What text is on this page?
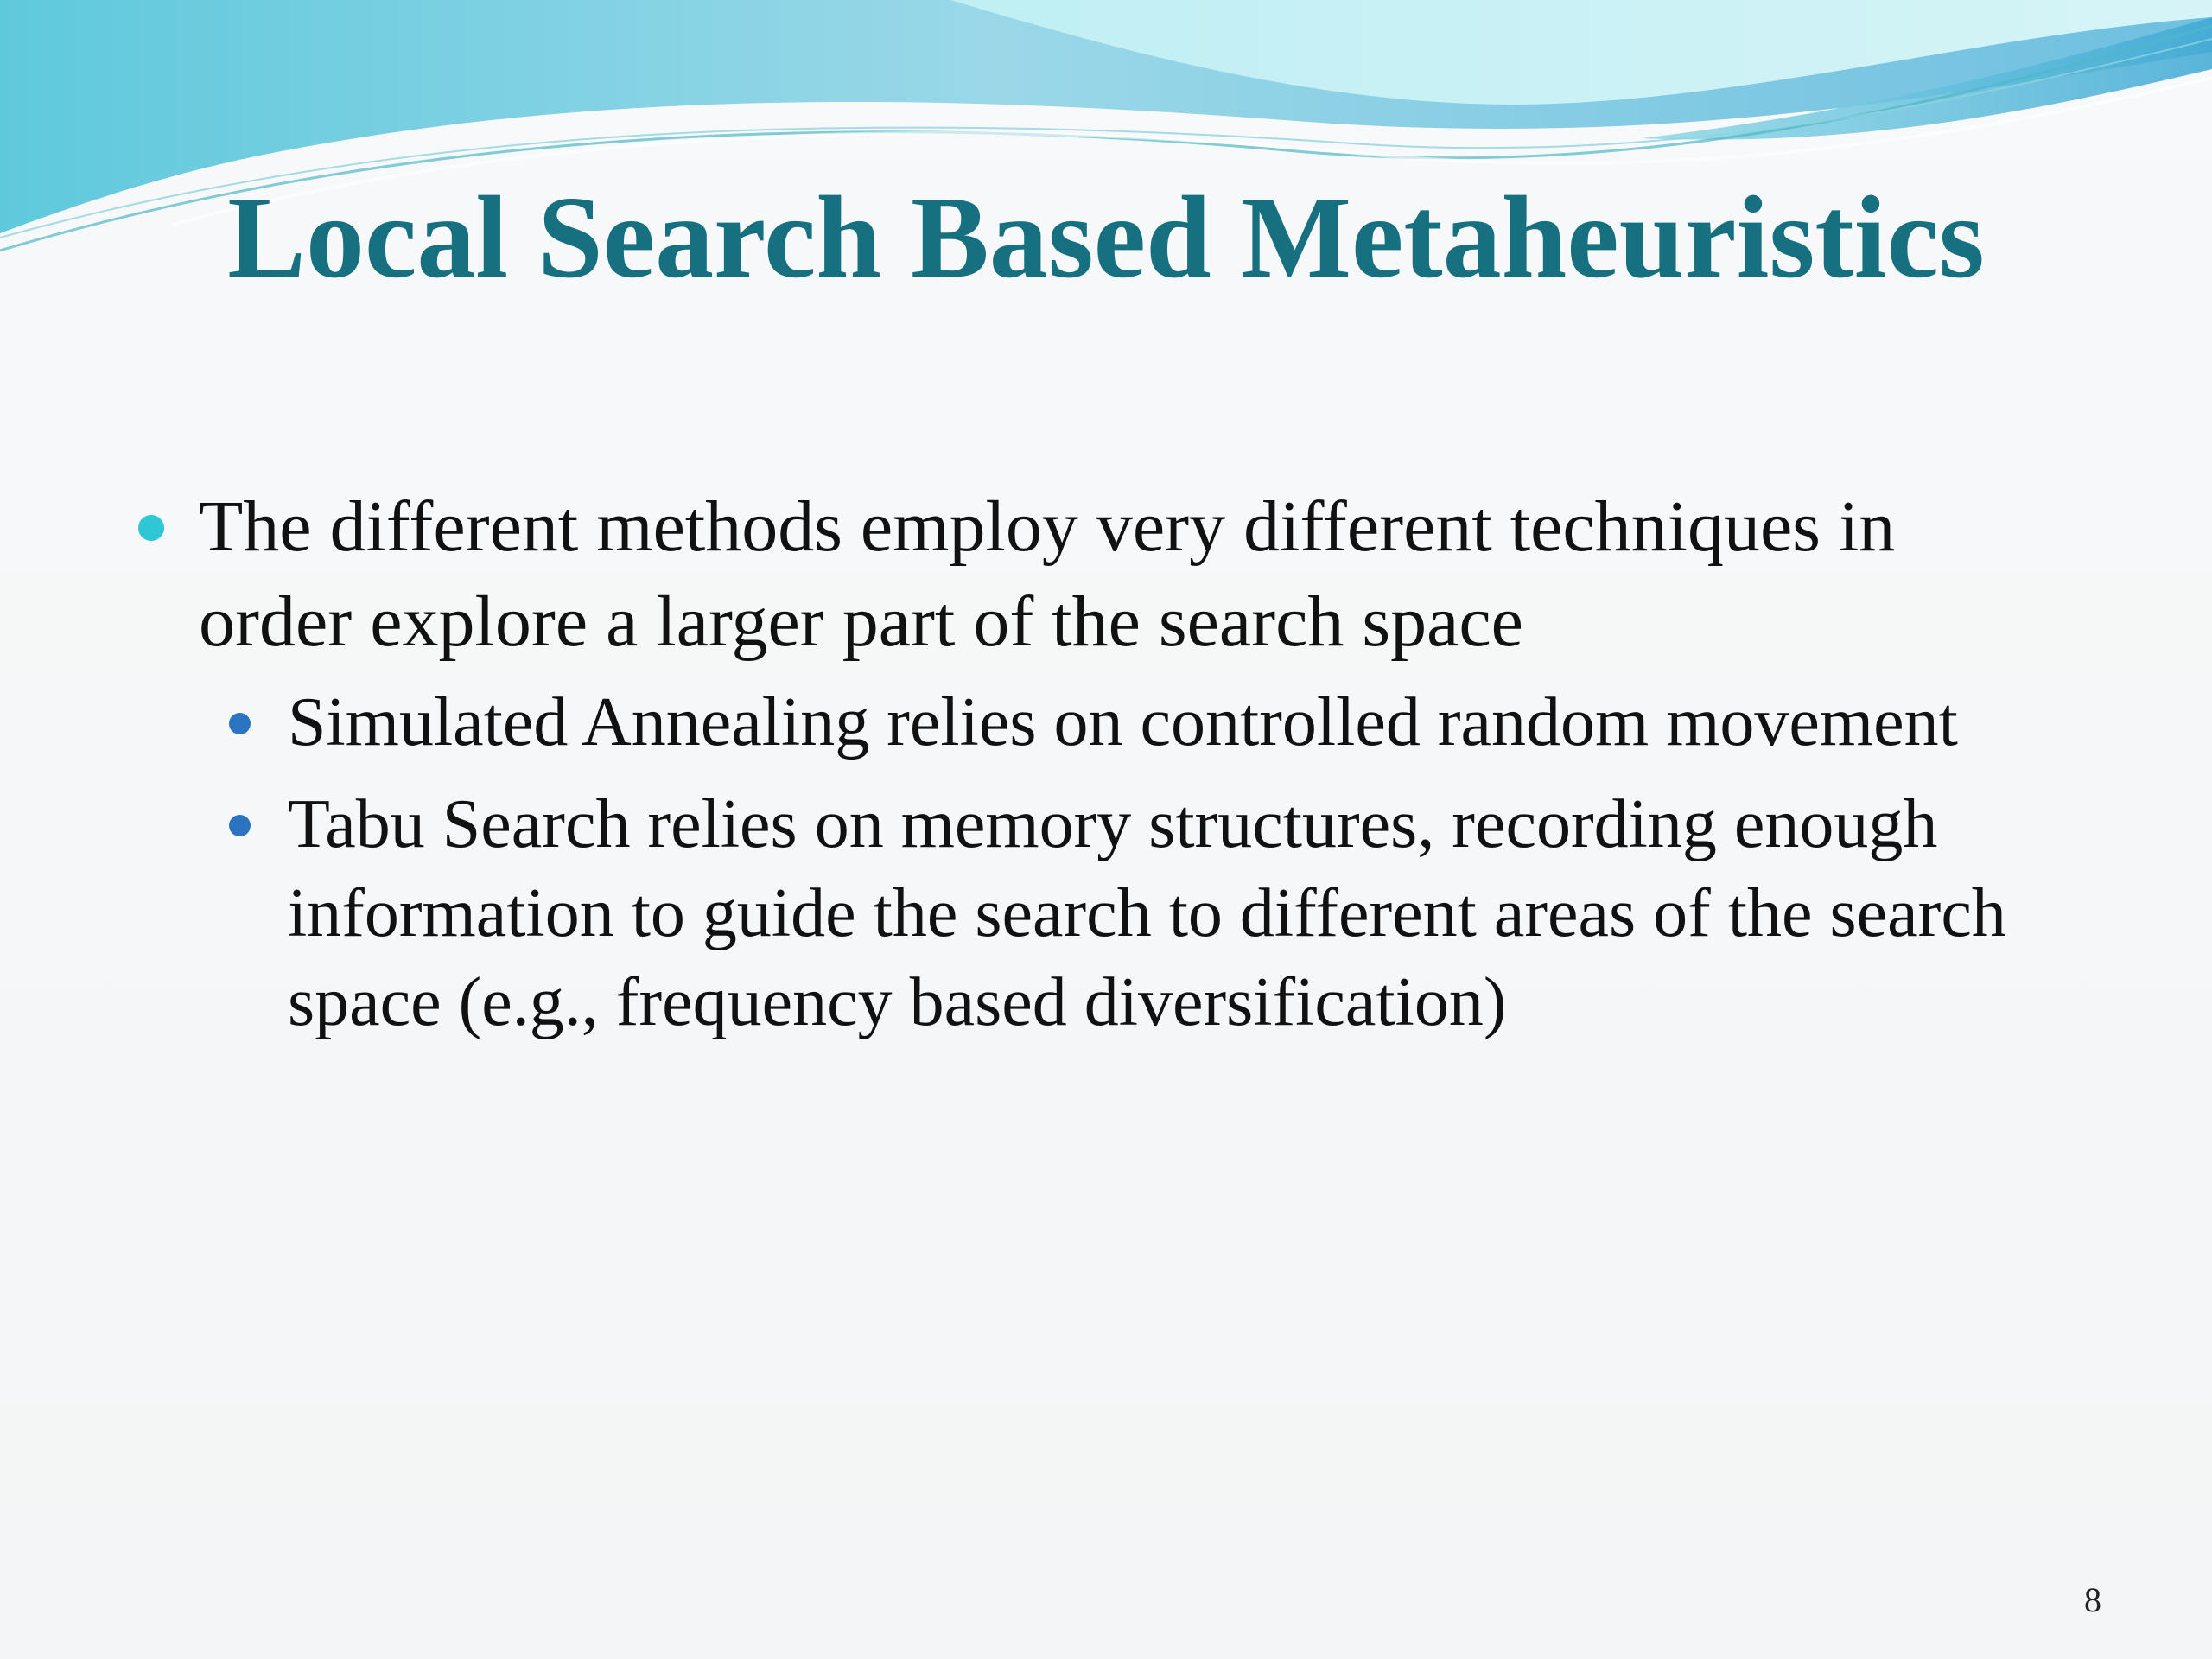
Local Search Based Metaheuristics
The different methods employ very different techniques in order explore a larger part of the search space
Simulated Annealing relies on controlled random movement
Tabu Search relies on memory structures, recording enough information to guide the search to different areas of the search space (e.g., frequency based diversification)
8
